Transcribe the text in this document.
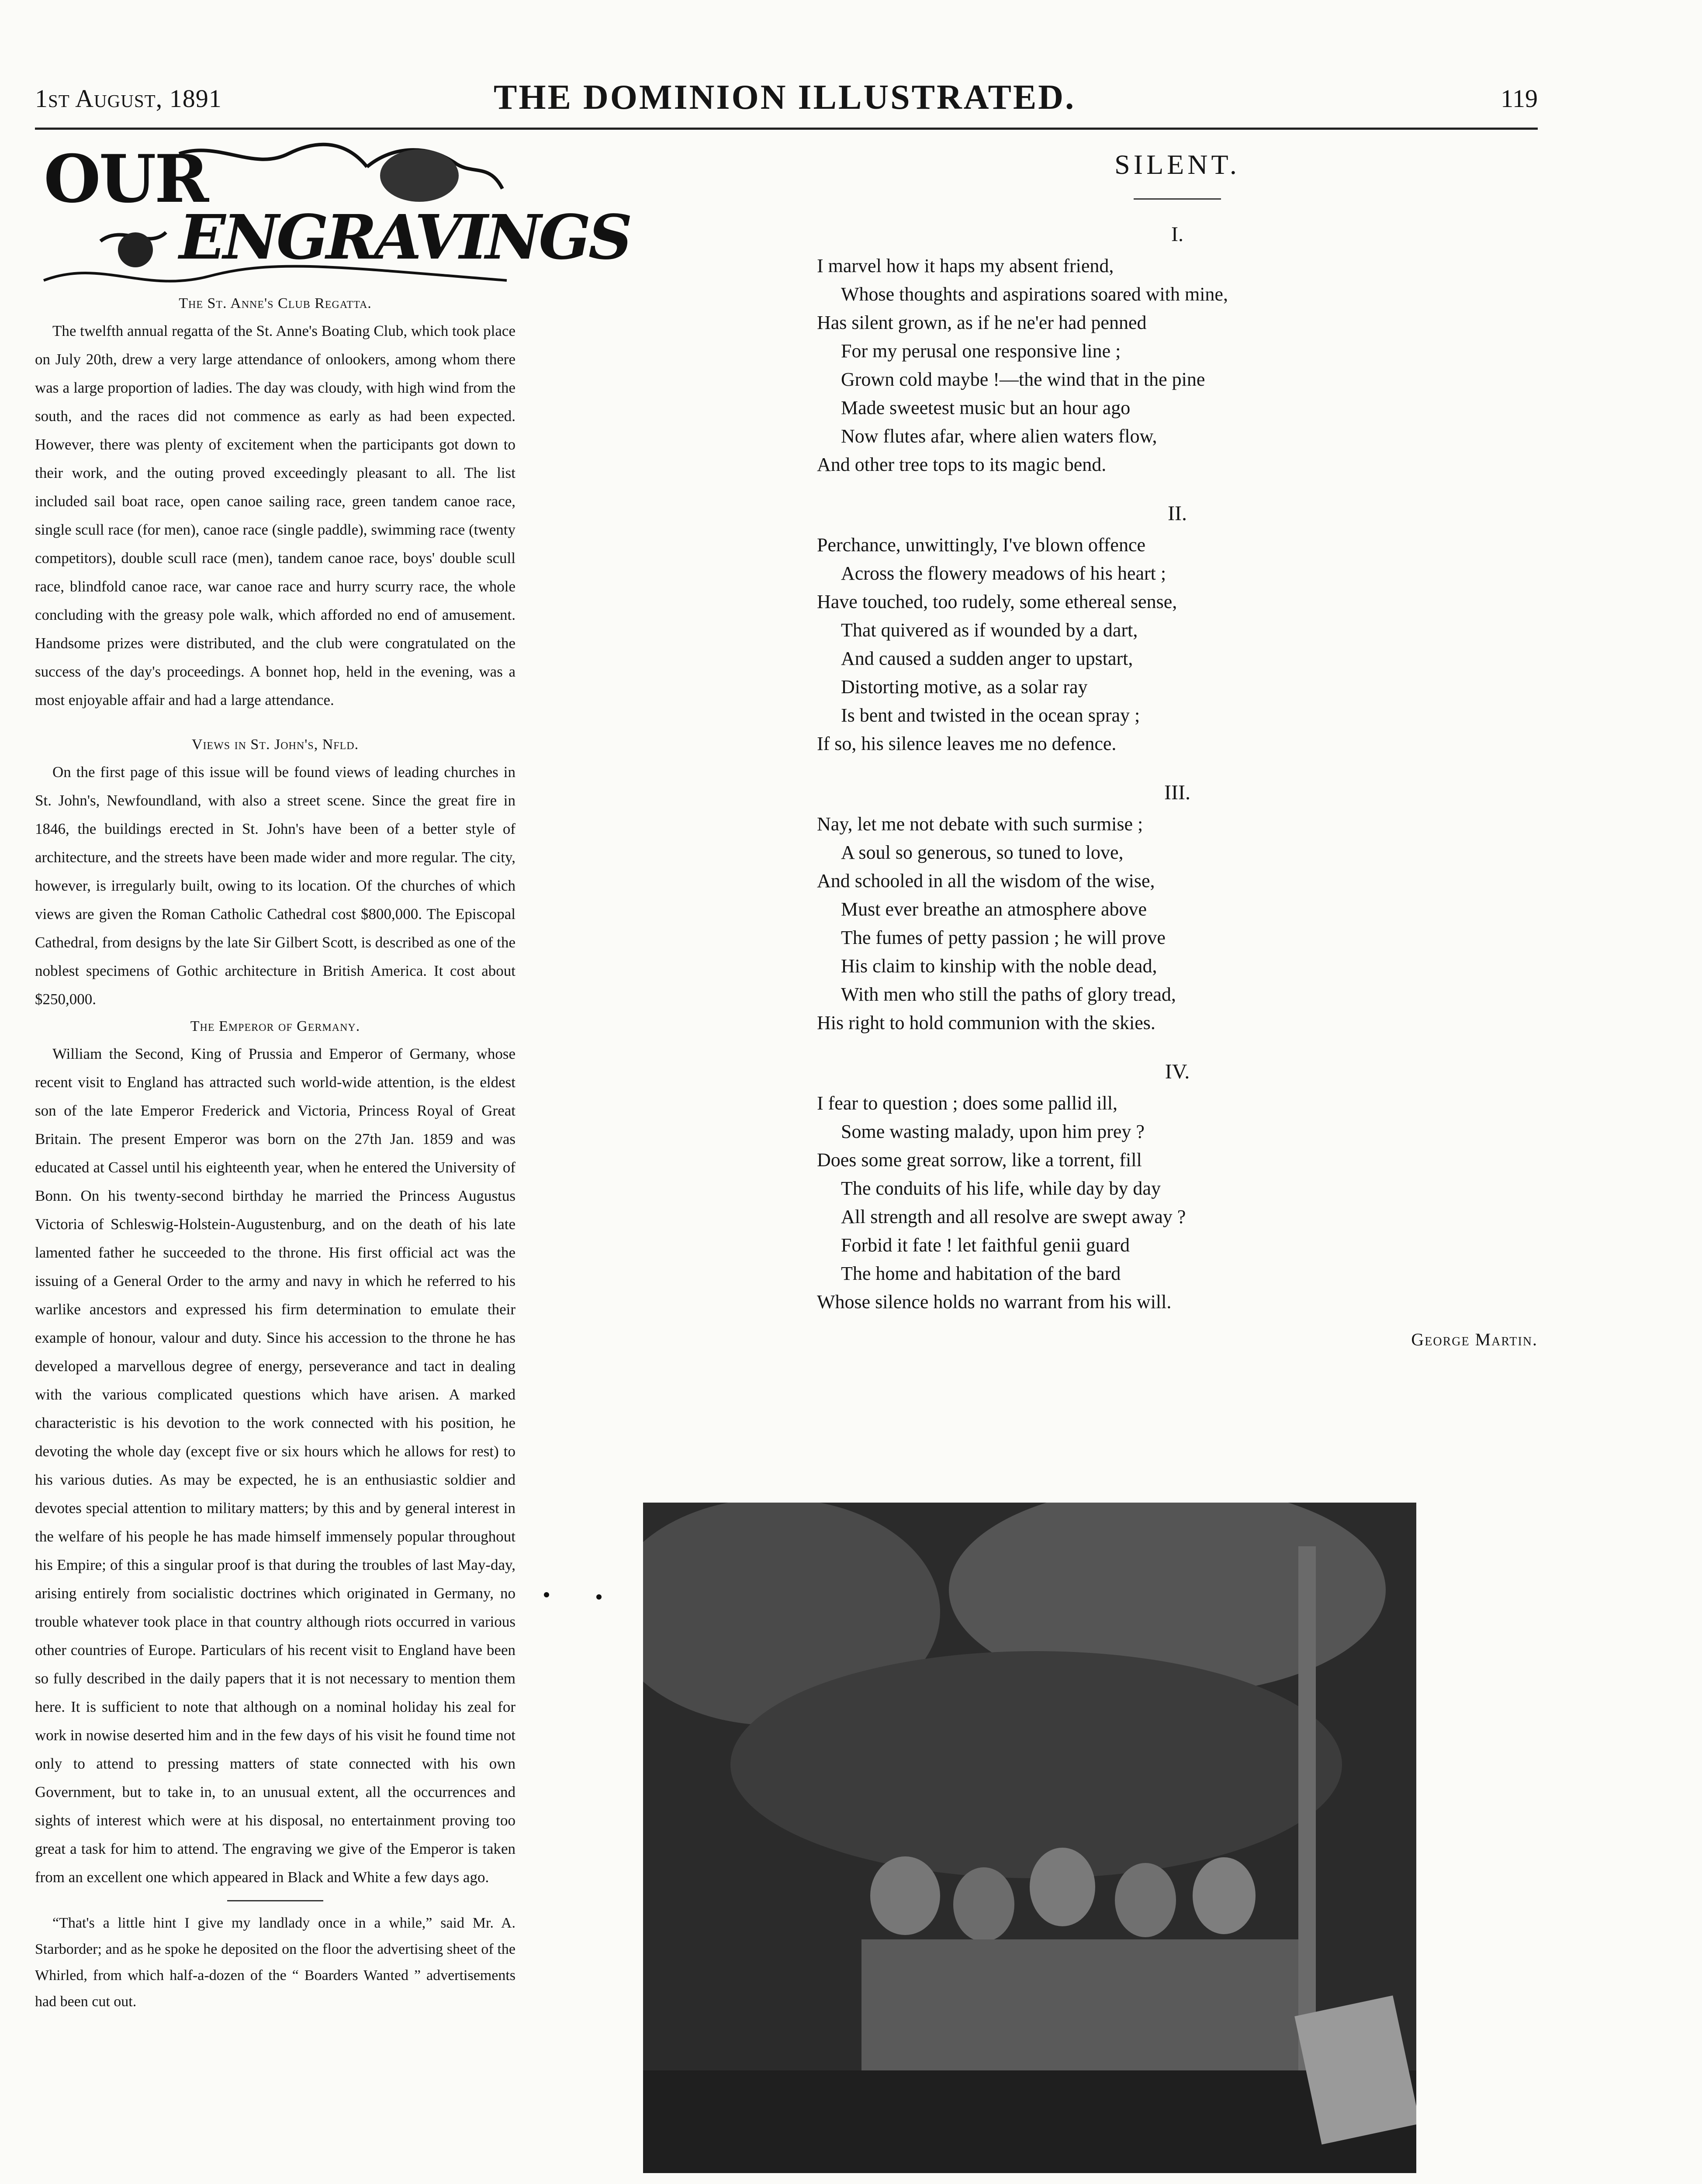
1st August, 1891	THE DOMINION ILLUSTRATED.	119
OUR
ENGRAVINGS
The St. Anne's Club Regatta.

The twelfth annual regatta of the St. Anne's Boating Club, which took place on July 20th, drew a very large attendance of onlookers, among whom there was a large proportion of ladies. The day was cloudy, with high wind from the south, and the races did not commence as early as had been expected. However, there was plenty of excitement when the participants got down to their work, and the outing proved exceedingly pleasant to all. The list included sail boat race, open canoe sailing race, green tandem canoe race, single scull race (for men), canoe race (single paddle), swimming race (twenty competitors), double scull race (men), tandem canoe race, boys' double scull race, blindfold canoe race, war canoe race and hurry scurry race, the whole concluding with the greasy pole walk, which afforded no end of amusement. Handsome prizes were distributed, and the club were congratulated on the success of the day's proceedings. A bonnet hop, held in the evening, was a most enjoyable affair and had a large attendance.

Views in St. John's, Nfld.

On the first page of this issue will be found views of leading churches in St. John's, Newfoundland, with also a street scene. Since the great fire in 1846, the buildings erected in St. John's have been of a better style of architecture, and the streets have been made wider and more regular. The city, however, is irregularly built, owing to its location. Of the churches of which views are given the Roman Catholic Cathedral cost $800,000. The Episcopal Cathedral, from designs by the late Sir Gilbert Scott, is described as one of the noblest specimens of Gothic architecture in British America. It cost about $250,000.

The Emperor of Germany.

William the Second, King of Prussia and Emperor of Germany, whose recent visit to England has attracted such world-wide attention, is the eldest son of the late Emperor Frederick and Victoria, Princess Royal of Great Britain. The present Emperor was born on the 27th Jan. 1859 and was educated at Cassel until his eighteenth year, when he entered the University of Bonn. On his twenty-second birthday he married the Princess Augustus Victoria of Schleswig-Holstein-Augustenburg, and on the death of his late lamented father he succeeded to the throne. His first official act was the issuing of a General Order to the army and navy in which he referred to his warlike ancestors and expressed his firm determination to emulate their example of honour, valour and duty. Since his accession to the throne he has developed a marvellous degree of energy, perseverance and tact in dealing with the various complicated questions which have arisen. A marked characteristic is his devotion to the work connected with his position, he devoting the whole day (except five or six hours which he allows for rest) to his various duties. As may be expected, he is an enthusiastic soldier and devotes special attention to military matters; by this and by general interest in the welfare of his people he has made himself immensely popular throughout his Empire; of this a singular proof is that during the troubles of last May-day, arising entirely from socialistic doctrines which originated in Germany, no trouble whatever took place in that country although riots occurred in various other countries of Europe. Particulars of his recent visit to England have been so fully described in the daily papers that it is not necessary to mention them here. It is sufficient to note that although on a nominal holiday his zeal for work in nowise deserted him and in the few days of his visit he found time not only to attend to pressing matters of state connected with his own Government, but to take in, to an unusual extent, all the occurrences and sights of interest which were at his disposal, no entertainment proving too great a task for him to attend. The engraving we give of the Emperor is taken from an excellent one which appeared in Black and White a few days ago.

“That's a little hint I give my landlady once in a while,” said Mr. A. Starborder; and as he spoke he deposited on the floor the advertising sheet of the Whirled, from which half-a-dozen of the “ Boarders Wanted ” advertisements had been cut out.

SILENT.
I.
I marvel how it haps my absent friend,
Whose thoughts and aspirations soared with mine,
Has silent grown, as if he ne'er had penned
For my perusal one responsive line ;
Grown cold maybe !—the wind that in the pine
Made sweetest music but an hour ago
Now flutes afar, where alien waters flow,
And other tree tops to its magic bend.
II.
Perchance, unwittingly, I've blown offence
Across the flowery meadows of his heart ;
Have touched, too rudely, some ethereal sense,
That quivered as if wounded by a dart,
And caused a sudden anger to upstart,
Distorting motive, as a solar ray
Is bent and twisted in the ocean spray ;
If so, his silence leaves me no defence.
III.
Nay, let me not debate with such surmise ;
A soul so generous, so tuned to love,
And schooled in all the wisdom of the wise,
Must ever breathe an atmosphere above
The fumes of petty passion ; he will prove
His claim to kinship with the noble dead,
With men who still the paths of glory tread,
His right to hold communion with the skies.
IV.
I fear to question ; does some pallid ill,
Some wasting malady, upon him prey ?
Does some great sorrow, like a torrent, fill
The conduits of his life, while day by day
All strength and all resolve are swept away ?
Forbid it fate ! let faithful genii guard
The home and habitation of the bard
Whose silence holds no warrant from his will.
George Martin.
